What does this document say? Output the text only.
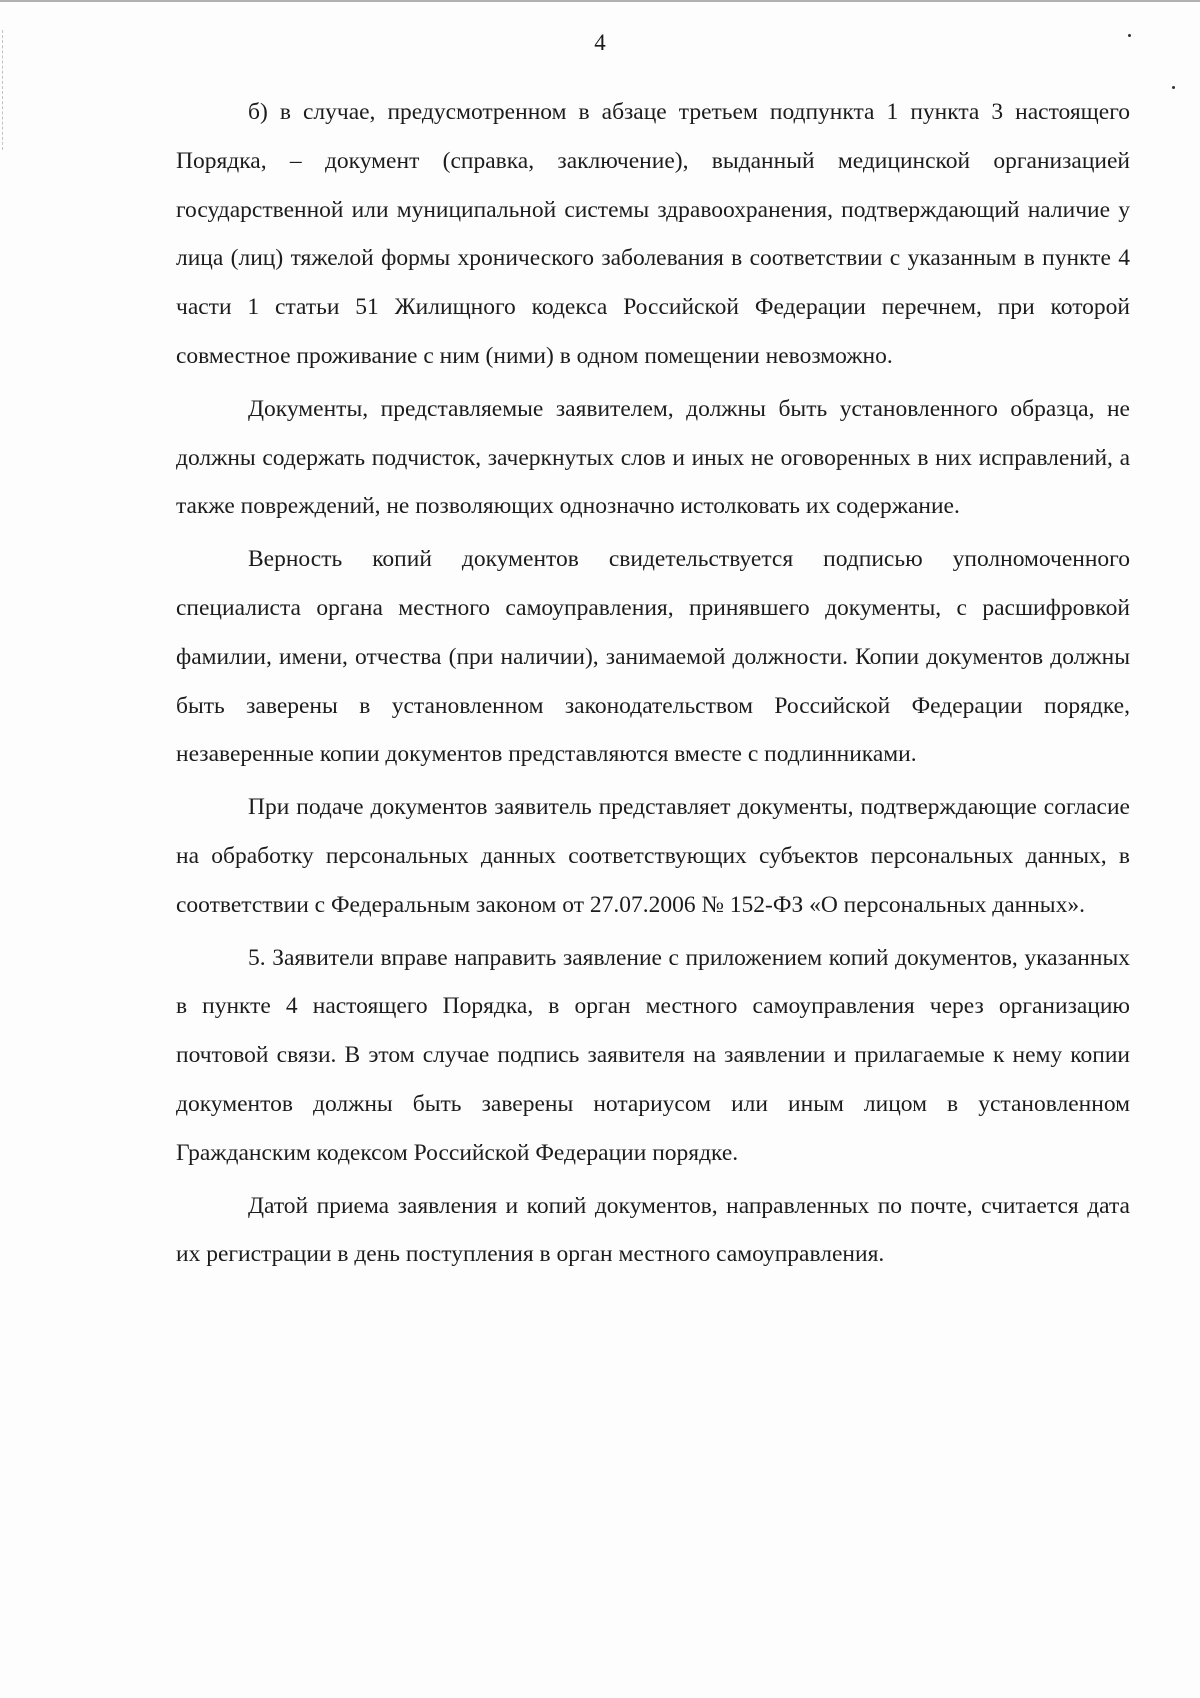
4

б) в случае, предусмотренном в абзаце третьем подпункта 1 пункта 3 настоящего Порядка, – документ (справка, заключение), выданный медицинской организацией государственной или муниципальной системы здравоохранения, подтверждающий наличие у лица (лиц) тяжелой формы хронического заболевания в соответствии с указанным в пункте 4 части 1 статьи 51 Жилищного кодекса Российской Федерации перечнем, при которой совместное проживание с ним (ними) в одном помещении невозможно.

Документы, представляемые заявителем, должны быть установленного образца, не должны содержать подчисток, зачеркнутых слов и иных не оговоренных в них исправлений, а также повреждений, не позволяющих однозначно истолковать их содержание.

Верность копий документов свидетельствуется подписью уполномоченного специалиста органа местного самоуправления, принявшего документы, с расшифровкой фамилии, имени, отчества (при наличии), занимаемой должности. Копии документов должны быть заверены в установленном законодательством Российской Федерации порядке, незаверенные копии документов представляются вместе с подлинниками.

При подаче документов заявитель представляет документы, подтверждающие согласие на обработку персональных данных соответствующих субъектов персональных данных, в соответствии с Федеральным законом от 27.07.2006 № 152-ФЗ «О персональных данных».

5. Заявители вправе направить заявление с приложением копий документов, указанных в пункте 4 настоящего Порядка, в орган местного самоуправления через организацию почтовой связи. В этом случае подпись заявителя на заявлении и прилагаемые к нему копии документов должны быть заверены нотариусом или иным лицом в установленном Гражданским кодексом Российской Федерации порядке.

Датой приема заявления и копий документов, направленных по почте, считается дата их регистрации в день поступления в орган местного самоуправления.
